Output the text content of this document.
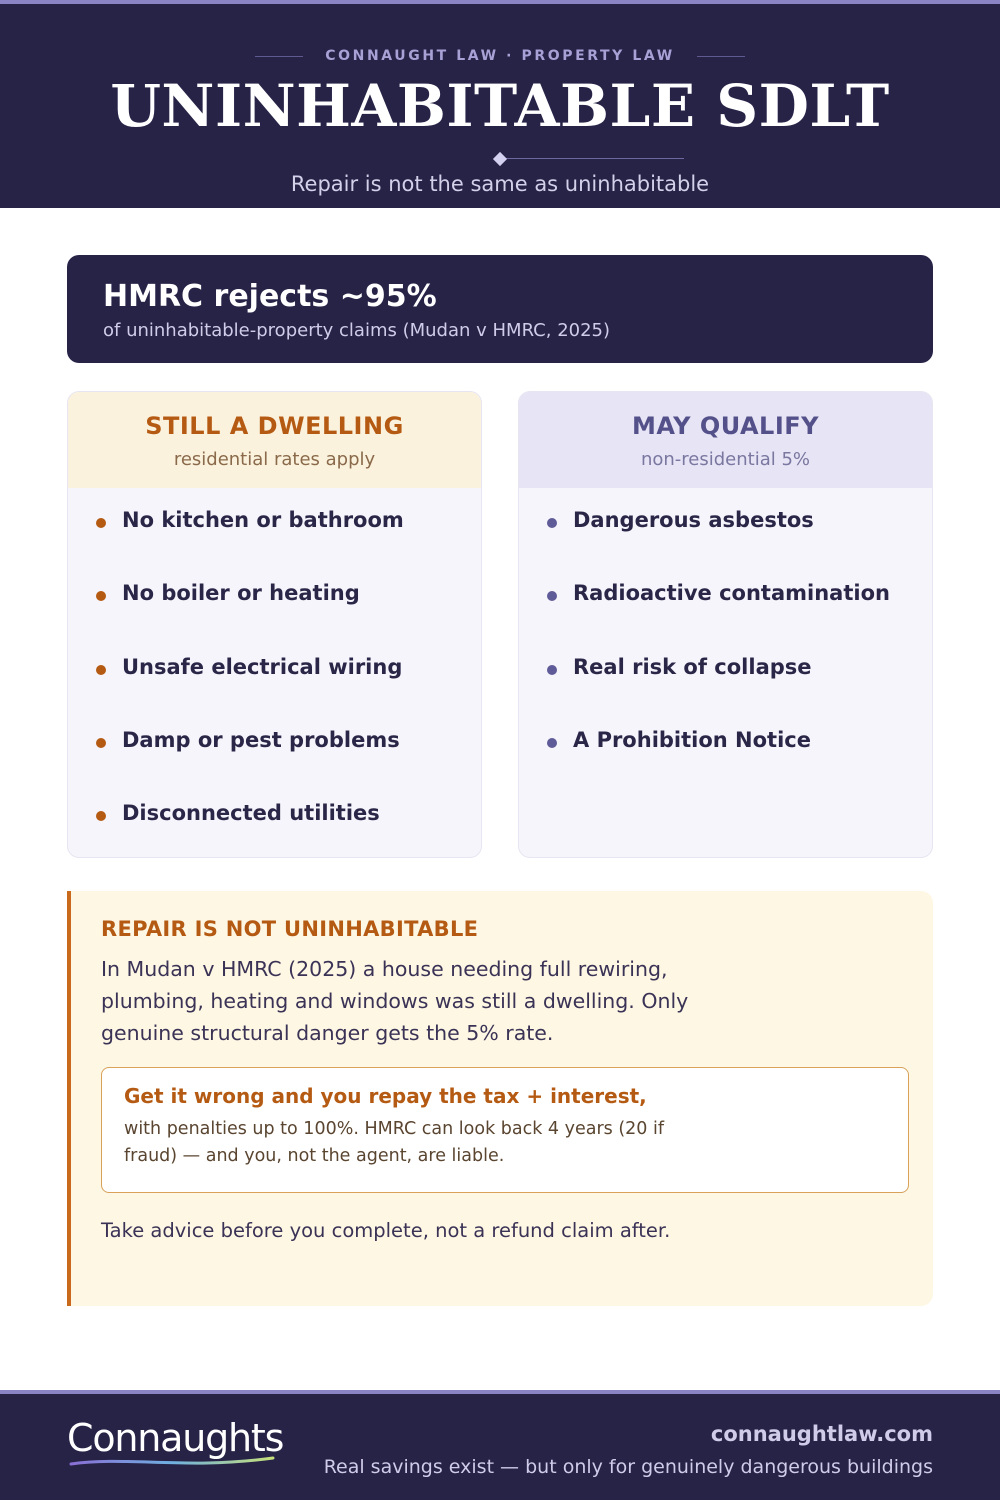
CONNAUGHT LAW · PROPERTY LAW
UNINHABITABLE SDLT
Repair is not the same as uninhabitable
HMRC rejects ~95%
of uninhabitable-property claims (Mudan v HMRC, 2025)
STILL A DWELLING
residential rates apply
No kitchen or bathroom
No boiler or heating
Unsafe electrical wiring
Damp or pest problems
Disconnected utilities
MAY QUALIFY
non-residential 5%
Dangerous asbestos
Radioactive contamination
Real risk of collapse
A Prohibition Notice
REPAIR IS NOT UNINHABITABLE

In Mudan v HMRC (2025) a house needing full rewiring, plumbing, heating and windows was still a dwelling. Only genuine structural danger gets the 5% rate.

Get it wrong and you repay the tax + interest,

with penalties up to 100%. HMRC can look back 4 years (20 if fraud) — and you, not the agent, are liable.

Take advice before you complete, not a refund claim after.

Connaughts	connaughtlaw.com
Real savings exist — but only for genuinely dangerous buildings
